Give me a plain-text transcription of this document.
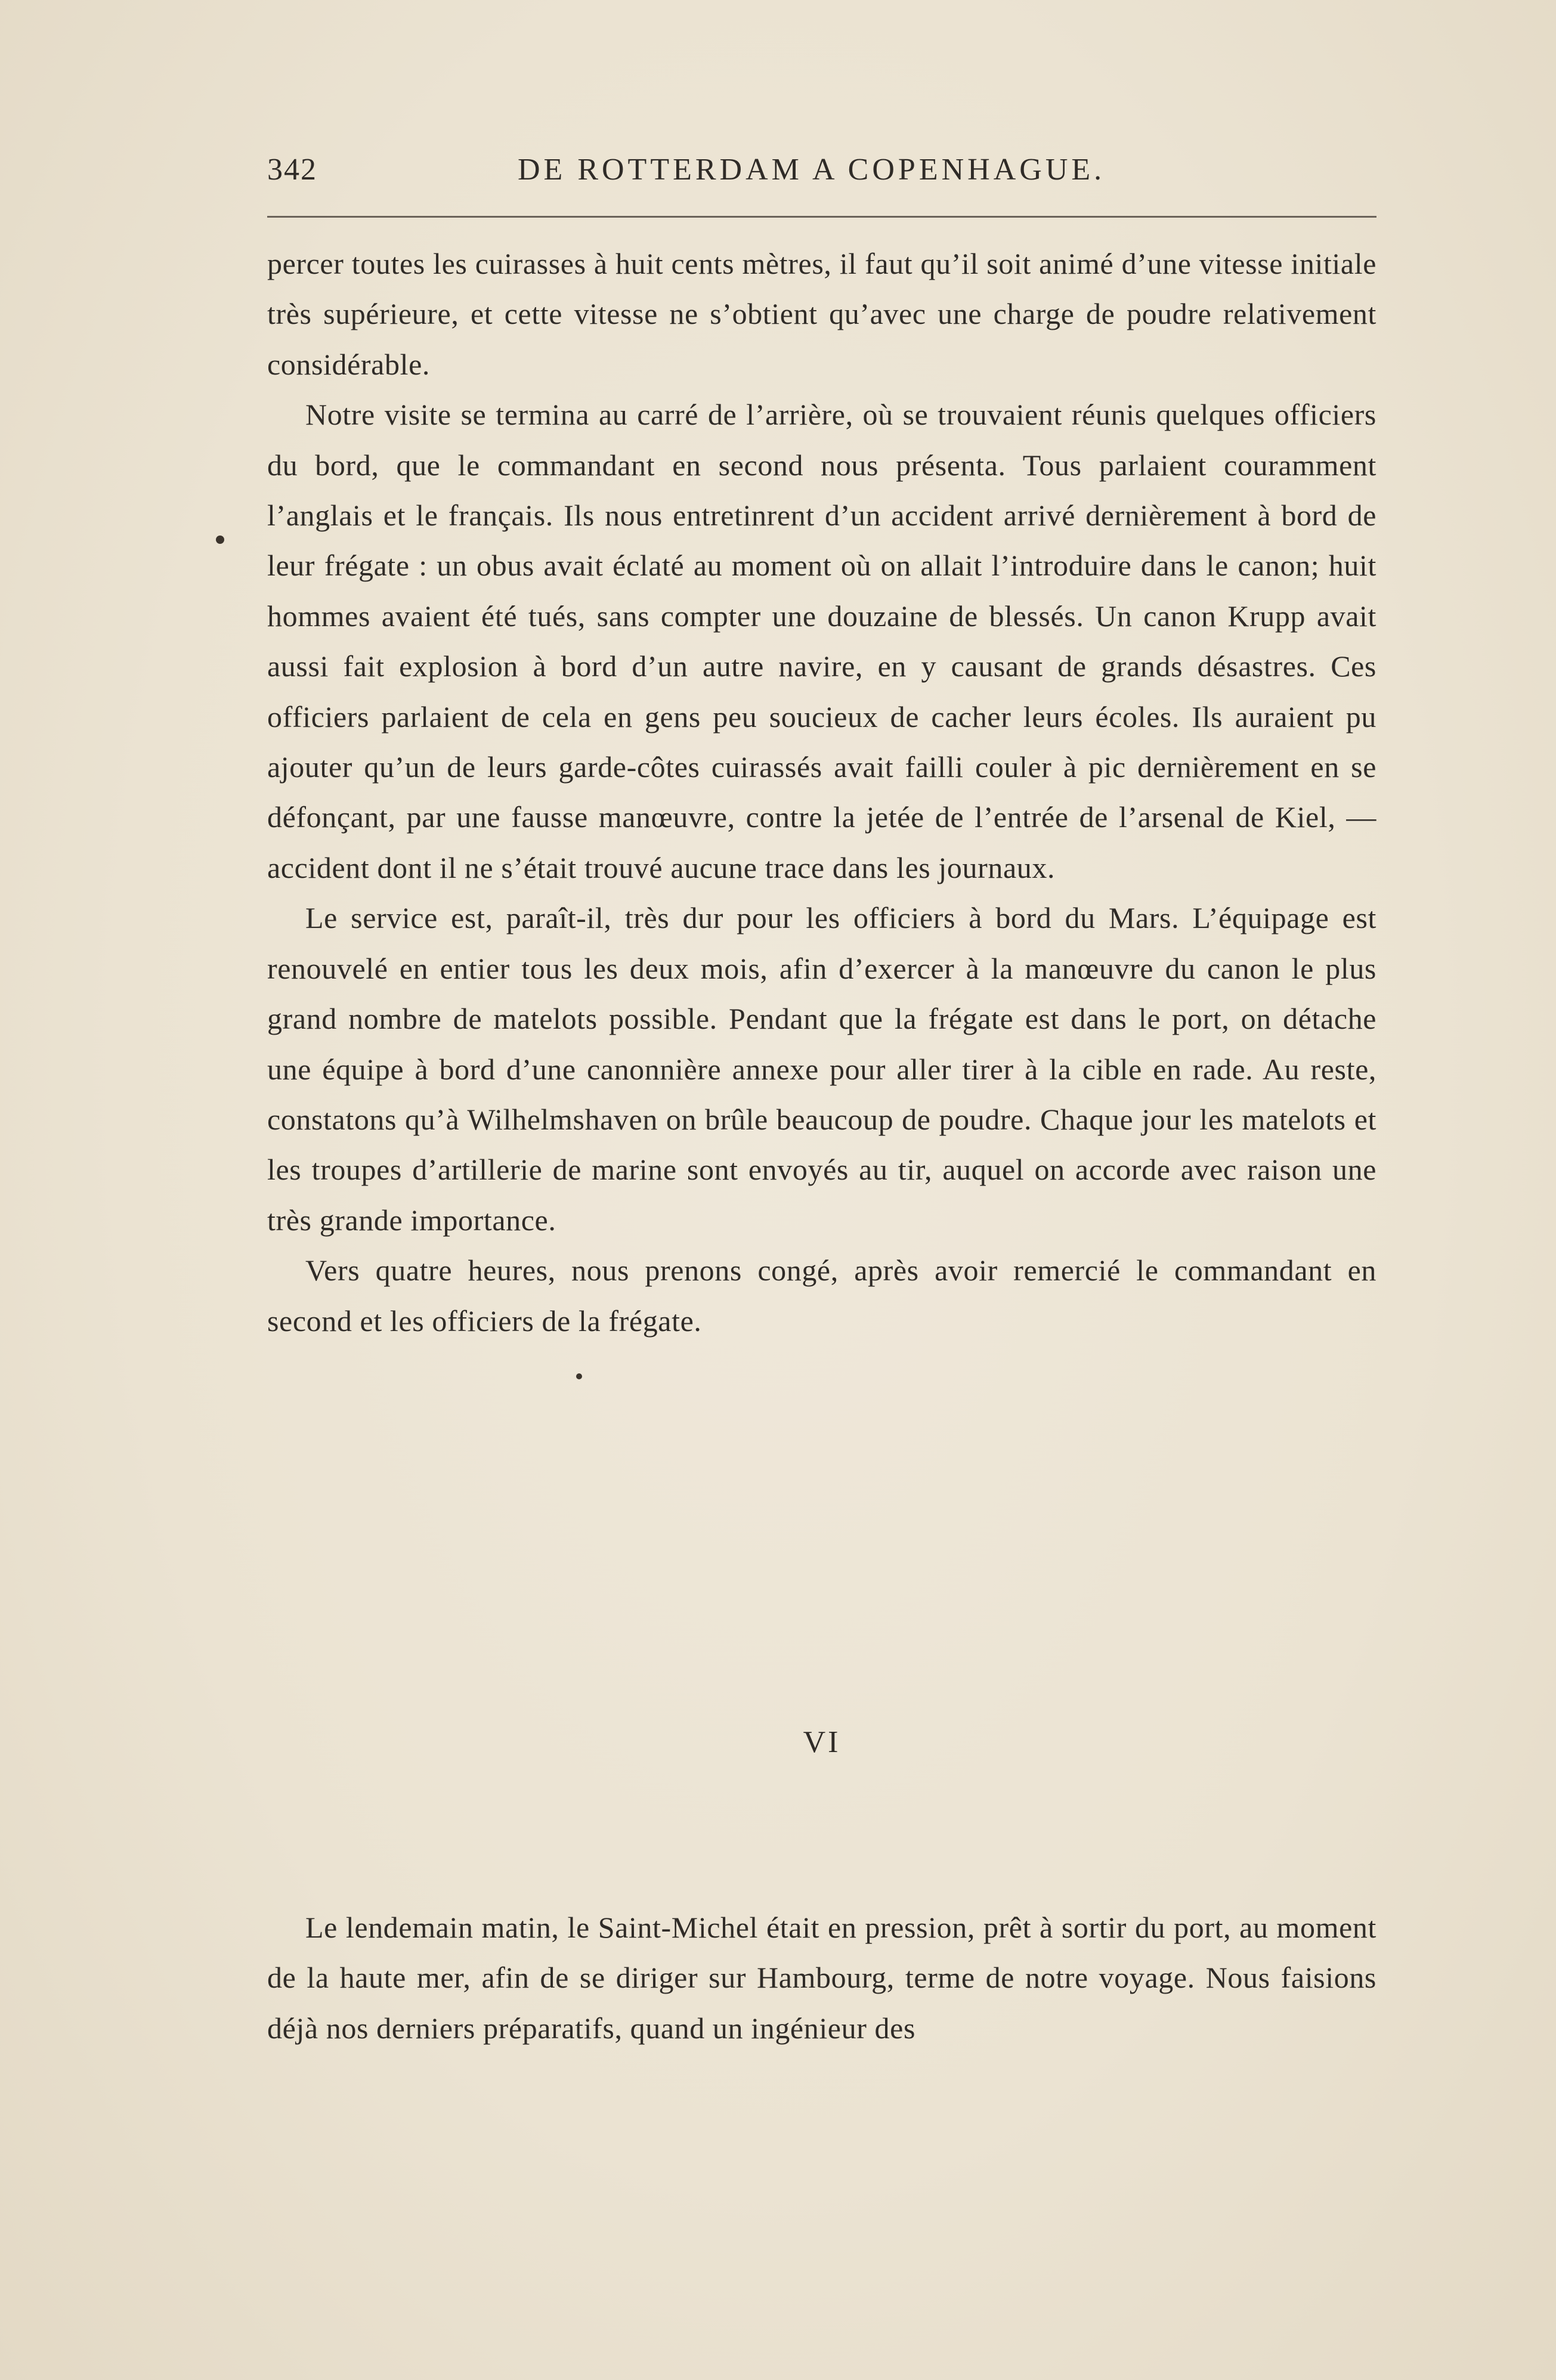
342	DE ROTTERDAM A COPENHAGUE.

percer toutes les cuirasses à huit cents mètres, il faut qu’il soit animé d’une vitesse initiale très supérieure, et cette vitesse ne s’obtient qu’avec une charge de poudre relativement considérable.

Notre visite se termina au carré de l’arrière, où se trouvaient réunis quelques officiers du bord, que le commandant en second nous présenta. Tous parlaient couramment l’anglais et le français. Ils nous entretinrent d’un accident arrivé dernièrement à bord de leur frégate : un obus avait éclaté au moment où on allait l’introduire dans le canon; huit hommes avaient été tués, sans compter une douzaine de blessés. Un canon Krupp avait aussi fait explosion à bord d’un autre navire, en y causant de grands désastres. Ces officiers parlaient de cela en gens peu soucieux de cacher leurs écoles. Ils auraient pu ajouter qu’un de leurs garde-côtes cuirassés avait failli couler à pic dernièrement en se défonçant, par une fausse manœuvre, contre la jetée de l’entrée de l’arsenal de Kiel, — accident dont il ne s’était trouvé aucune trace dans les journaux.

Le service est, paraît-il, très dur pour les officiers à bord du Mars. L’équipage est renouvelé en entier tous les deux mois, afin d’exercer à la manœuvre du canon le plus grand nombre de matelots possible. Pendant que la frégate est dans le port, on détache une équipe à bord d’une canonnière annexe pour aller tirer à la cible en rade. Au reste, constatons qu’à Wilhelmshaven on brûle beaucoup de poudre. Chaque jour les matelots et les troupes d’artillerie de marine sont envoyés au tir, auquel on accorde avec raison une très grande importance.

Vers quatre heures, nous prenons congé, après avoir remercié le commandant en second et les officiers de la frégate.

VI

Le lendemain matin, le Saint-Michel était en pression, prêt à sortir du port, au moment de la haute mer, afin de se diriger sur Hambourg, terme de notre voyage. Nous faisions déjà nos derniers préparatifs, quand un ingénieur des
